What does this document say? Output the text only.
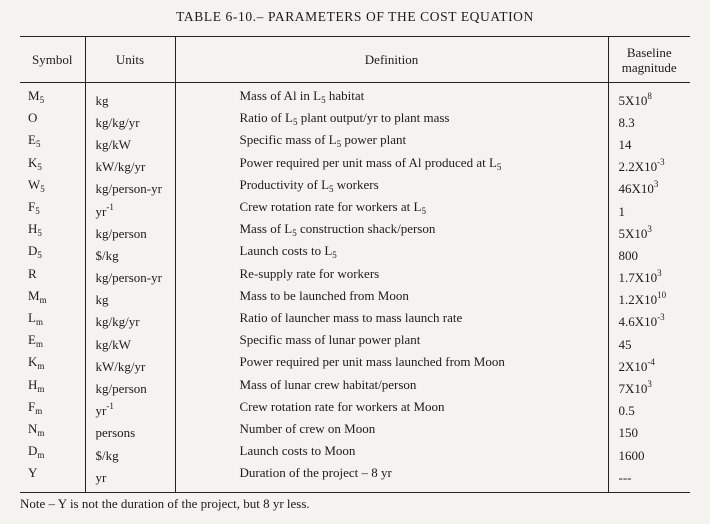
TABLE 6-10.– PARAMETERS OF THE COST EQUATION
Symbol	Units	Definition	Baseline
magnitude
$M_5$	kg	Mass of Al in $L_5$ habitat	$5X10^8$
O	kg/kg/yr	Ratio of $L_5$ plant output/yr to plant mass	8.3
$E_5$	kg/kW	Specific mass of $L_5$ power plant	14
$K_5$	kW/kg/yr	Power required per unit mass of Al produced at $L_5$	$2.2X10^{-3}$
$W_5$	kg/person-yr	Productivity of $L_5$ workers	$46X10^3$
$F_5$	$yr^{-1}$	Crew rotation rate for workers at $L_5$	1
$H_5$	kg/person	Mass of $L_5$ construction shack/person	$5X10^3$
$D_5$	$/kg	Launch costs to $L_5$	800
R	kg/person-yr	Re-supply rate for workers	$1.7X10^3$
$M_m$	kg	Mass to be launched from Moon	$1.2X10^{10}$
$L_m$	kg/kg/yr	Ratio of launcher mass to mass launch rate	$4.6X10^{-3}$
$E_m$	kg/kW	Specific mass of lunar power plant	45
$K_m$	kW/kg/yr	Power required per unit mass launched from Moon	$2X10^{-4}$
$H_m$	kg/person	Mass of lunar crew habitat/person	$7X10^3$
$F_m$	$yr^{-1}$	Crew rotation rate for workers at Moon	0.5
$N_m$	persons	Number of crew on Moon	150
$D_m$	$/kg	Launch costs to Moon	1600
Y	yr	Duration of the project – 8 yr	---
Note – Y is not the duration of the project, but 8 yr less.
